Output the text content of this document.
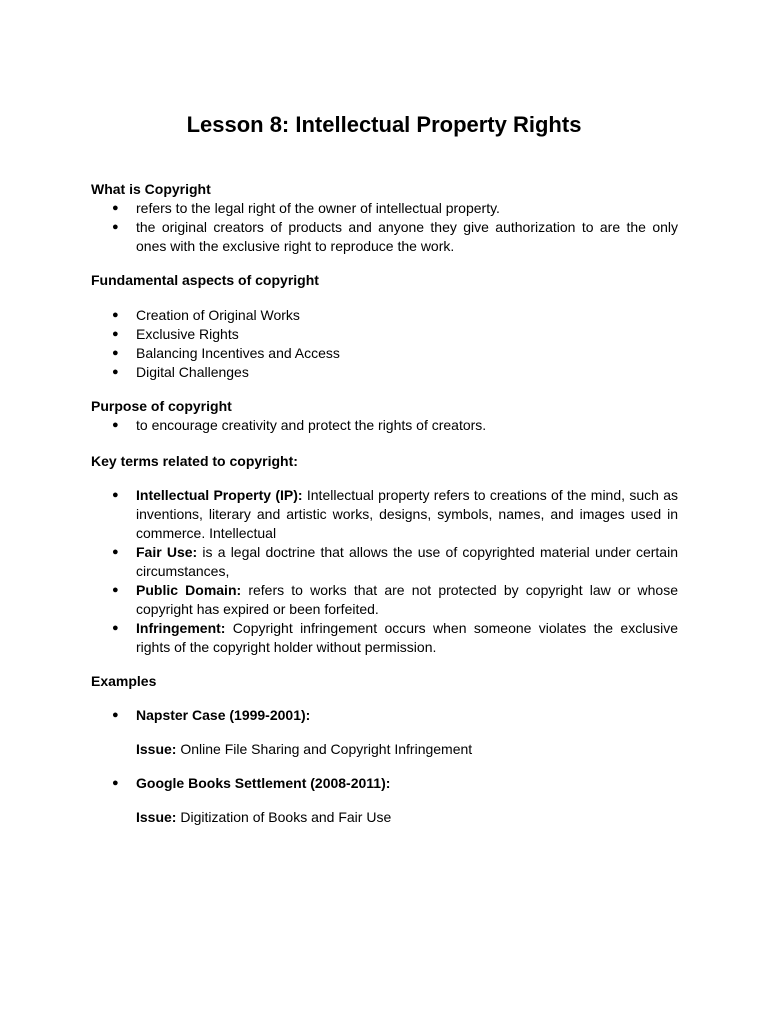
Lesson 8: Intellectual Property Rights

What is Copyright

● refers to the legal right of the owner of intellectual property.
● the original creators of products and anyone they give authorization to are the only ones with the exclusive right to reproduce the work.

Fundamental aspects of copyright

● Creation of Original Works
● Exclusive Rights
● Balancing Incentives and Access
● Digital Challenges

Purpose of copyright

● to encourage creativity and protect the rights of creators.

Key terms related to copyright:

● Intellectual Property (IP): Intellectual property refers to creations of the mind, such as inventions, literary and artistic works, designs, symbols, names, and images used in commerce. Intellectual
● Fair Use: is a legal doctrine that allows the use of copyrighted material under certain circumstances,
● Public Domain: refers to works that are not protected by copyright law or whose copyright has expired or been forfeited.
● Infringement: Copyright infringement occurs when someone violates the exclusive rights of the copyright holder without permission.

Examples

● Napster Case (1999-2001):

Issue: Online File Sharing and Copyright Infringement

● Google Books Settlement (2008-2011):

Issue: Digitization of Books and Fair Use
